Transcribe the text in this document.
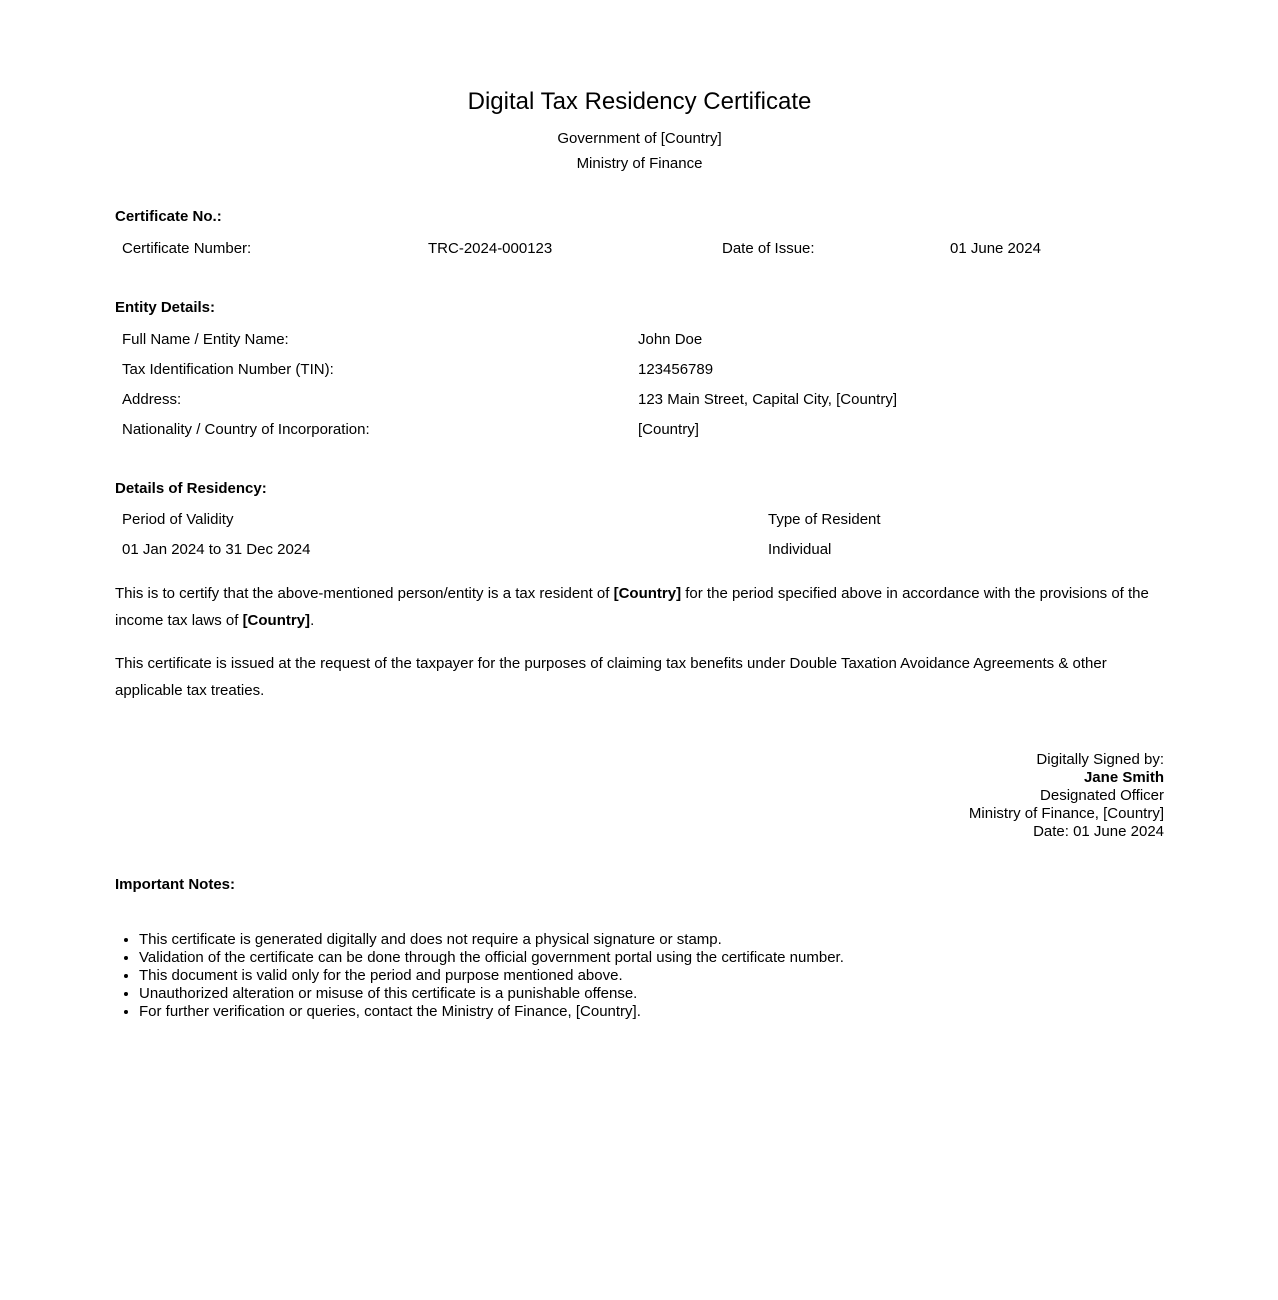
Digital Tax Residency Certificate
Government of [Country]
Ministry of Finance
Certificate No.:
Certificate Number:	TRC-2024-000123	Date of Issue:	01 June 2024
Entity Details:
Full Name / Entity Name:	John Doe
Tax Identification Number (TIN):	123456789
Address:	123 Main Street, Capital City, [Country]
Nationality / Country of Incorporation:	[Country]
Details of Residency:
Period of Validity	Type of Resident
01 Jan 2024 to 31 Dec 2024	Individual

This is to certify that the above-mentioned person/entity is a tax resident of [Country] for the period specified above in accordance with the provisions of the income tax laws of [Country].

This certificate is issued at the request of the taxpayer for the purposes of claiming tax benefits under Double Taxation Avoidance Agreements & other applicable tax treaties.

Digitally Signed by:
Jane Smith
Designated Officer
Ministry of Finance, [Country]
Date: 01 June 2024
Important Notes:
• This certificate is generated digitally and does not require a physical signature or stamp.
• Validation of the certificate can be done through the official government portal using the certificate number.
• This document is valid only for the period and purpose mentioned above.
• Unauthorized alteration or misuse of this certificate is a punishable offense.
• For further verification or queries, contact the Ministry of Finance, [Country].
